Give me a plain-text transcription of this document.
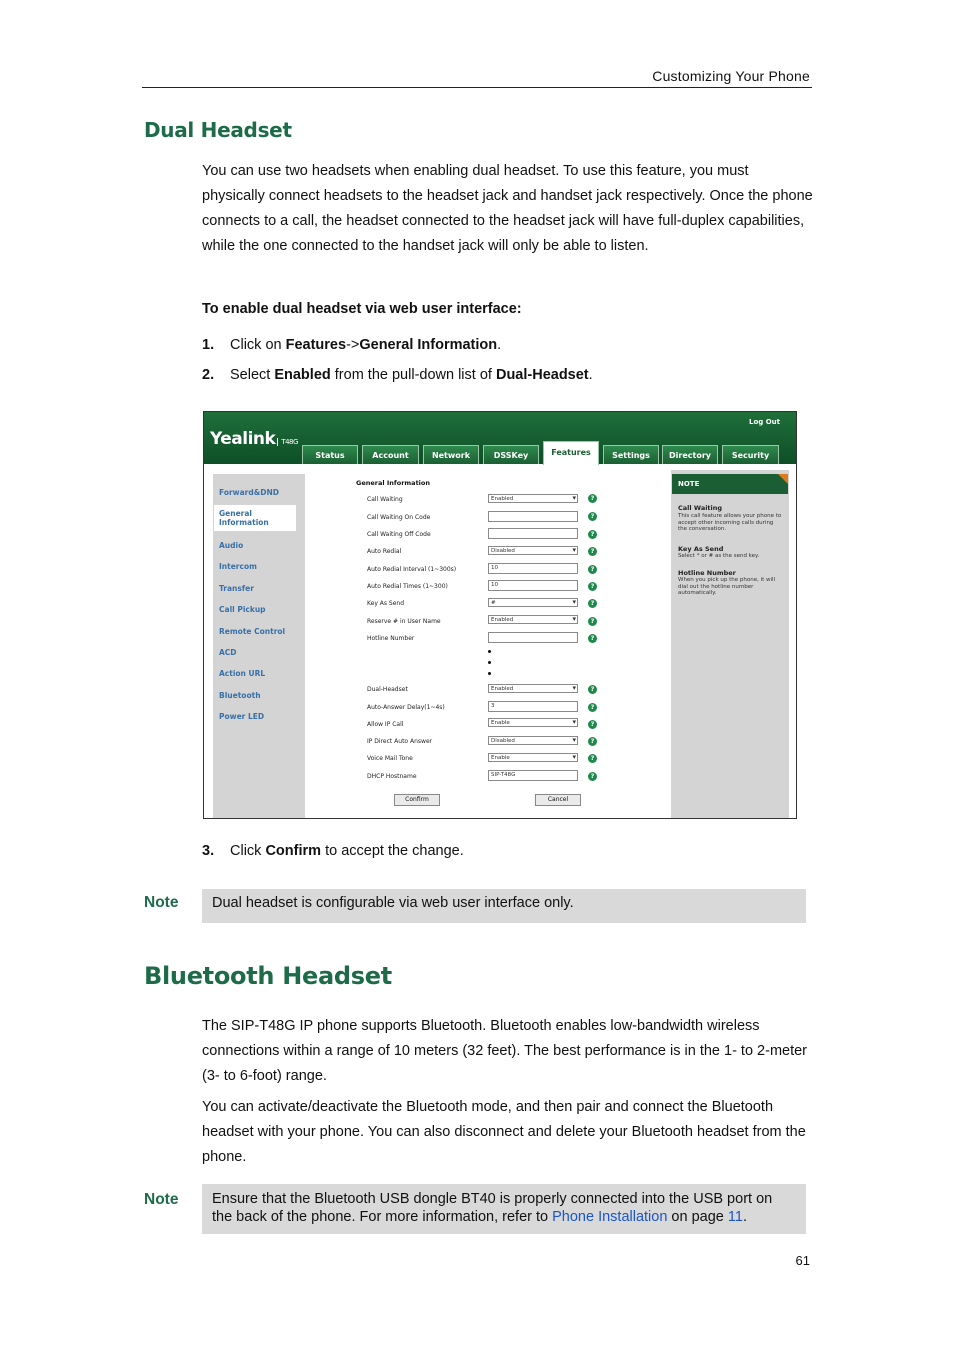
Customizing Your Phone
Dual Headset
You can use two headsets when enabling dual headset. To use this feature, you must physically connect headsets to the headset jack and handset jack respectively. Once the phone connects to a call, the headset connected to the headset jack will have full-duplex capabilities, while the one connected to the handset jack will only be able to listen.
To enable dual headset via web user interface:
1. Click on Features->General Information.
2. Select Enabled from the pull-down list of Dual-Headset.
Yealink T48G
Log Out
Status	Account	Network	DSSKey	Features	Settings	Directory	Security
Forward&DND
General Information
Audio
Intercom
Transfer
Call Pickup
Remote Control
ACD
Action URL
Bluetooth
Power LED
General Information
Call Waiting	Enabled ▾	?
Call Waiting On Code	?
Call Waiting Off Code	?
Auto Redial	Disabled ▾	?
Auto Redial Interval (1~300s)	10	?
Auto Redial Times (1~300)	10	?
Key As Send	# ▾	?
Reserve # in User Name	Enabled ▾	?
Hotline Number	?
Dual-Headset	Enabled ▾	?
Auto-Answer Delay(1~4s)	3	?
Allow IP Call	Enable ▾	?
IP Direct Auto Answer	Disabled ▾	?
Voice Mail Tone	Enable ▾	?
DHCP Hostname	SIP-T48G	?
Confirm	Cancel
NOTE
Call Waiting
This call feature allows your phone to accept other incoming calls during the conversation.
Key As Send
Select * or # as the send key.
Hotline Number
When you pick up the phone, it will dial out the hotline number automatically.
3. Click Confirm to accept the change.
Note	Dual headset is configurable via web user interface only.
Bluetooth Headset
The SIP-T48G IP phone supports Bluetooth. Bluetooth enables low-bandwidth wireless connections within a range of 10 meters (32 feet). The best performance is in the 1- to 2-meter (3- to 6-foot) range.
You can activate/deactivate the Bluetooth mode, and then pair and connect the Bluetooth headset with your phone. You can also disconnect and delete your Bluetooth headset from the phone.
Note	Ensure that the Bluetooth USB dongle BT40 is properly connected into the USB port on the back of the phone. For more information, refer to Phone Installation on page 11.
61
